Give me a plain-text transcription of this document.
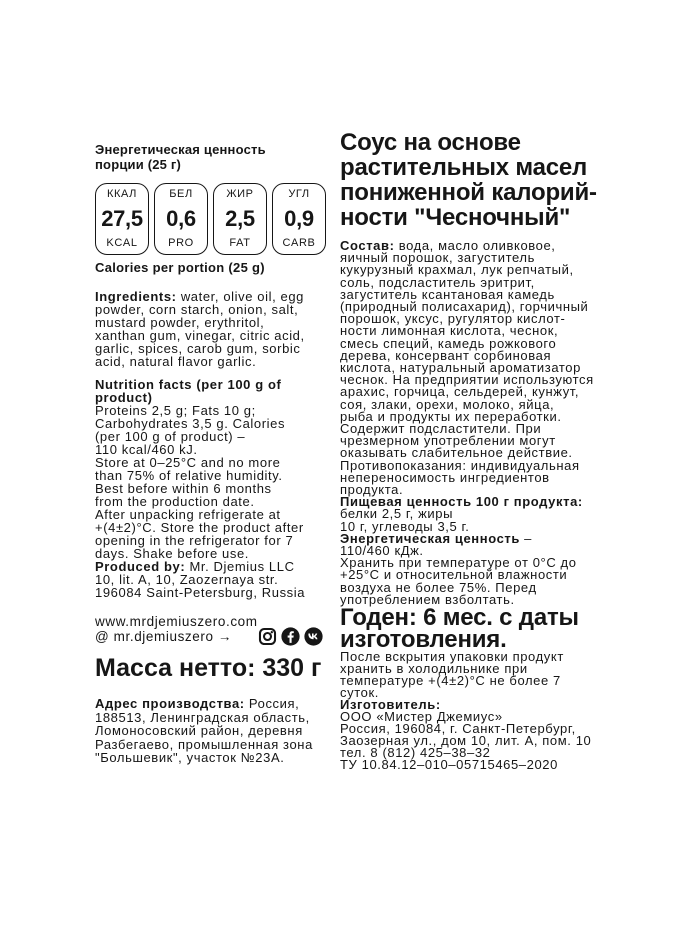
Энергетическая ценность
порции (25 г)
ККАЛ
27,5
KCAL
БЕЛ
0,6
PRO
ЖИР
2,5
FAT
УГЛ
0,9
CARB
Calories per portion (25 g)
Ingredients: water, olive oil, egg
powder, corn starch, onion, salt,
mustard powder, erythritol,
xanthan gum, vinegar, citric acid,
garlic, spices, carob gum, sorbic
acid, natural flavor garlic.
Nutrition facts (per 100 g of
product)
Proteins 2,5 g; Fats 10 g;
Carbohydrates 3,5 g. Calories
(per 100 g of product) –
110 kcal/460 kJ.
Store at 0–25°C and no more
than 75% of relative humidity.
Best before within 6 months
from the production date.
After unpacking refrigerate at
+(4±2)°C. Store the product after
opening in the refrigerator for 7
days. Shake before use.
Produced by: Mr. Djemius LLC
10, lit. A, 10, Zaozernaya str.
196084 Saint-Petersburg, Russia
www.mrdjemiuszero.com
@ mr.djemiuszero →
Масса нетто: 330 г
Адрес производства: Россия,
188513, Ленинградская область,
Ломоносовский район, деревня
Разбегаево, промышленная зона
"Большевик", участок №23А.
Соус на основе
растительных масел
пониженной калорий-
ности "Чесночный"
Состав: вода, масло оливковое,
яичный порошок, загуститель
кукурузный крахмал, лук репчатый,
соль, подсластитель эритрит,
загуститель ксантановая камедь
(природный полисахарид), горчичный
порошок, уксус, ругулятор кислот-
ности лимонная кислота, чеснок,
смесь специй, камедь рожкового
дерева, консервант сорбиновая
кислота, натуральный ароматизатор
чеснок. На предприятии используются
арахис, горчица, сельдерей, кунжут,
соя, злаки, орехи, молоко, яйца,
рыба и продукты их переработки.
Содержит подсластители. При
чрезмерном употреблении могут
оказывать слабительное действие.
Противопоказания: индивидуальная
непереносимость ингредиентов
продукта.
Пищевая ценность 100 г продукта:
белки 2,5 г, жиры
10 г, углеводы 3,5 г.
Энергетическая ценность –
110/460 кДж.
Хранить при температуре от 0°С до
+25°С и относительной влажности
воздуха не более 75%. Перед
употреблением взболтать.
Годен: 6 мес. с даты
изготовления.
После вскрытия упаковки продукт
хранить в холодильнике при
температуре +(4±2)°С не более 7
суток.
Изготовитель:
ООО «Мистер Джемиус»
Россия, 196084, г. Санкт-Петербург,
Заозерная ул., дом 10, лит. А, пом. 10
тел. 8 (812) 425–38–32
ТУ 10.84.12–010–05715465–2020
